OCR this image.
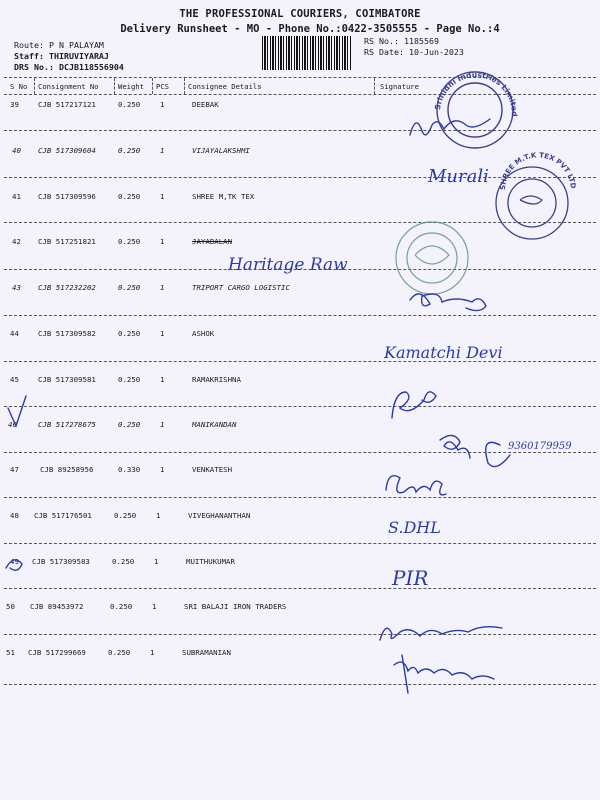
THE PROFESSIONAL COURIERS, COIMBATORE
Delivery Runsheet - MO - Phone No.:0422-3505555 - Page No.:4
Route: P N PALAYAM
Staff: THIRUVIYARAJ
DRS No.: DCJB118556904
RS No.: 1185569
RS Date: 10-Jun-2023
S No Consignment No	Weight PCS	Consignee Details	Signature
39	CJB 517217121	0.250	1	DEEBAK
40 CJB 517309604	0.250	1	VIJAYALAKSHMI
41 CJB 517309596	0.250	1	SHREE M,TK TEX
42 CJB 517251821	0.250	1	JAYABALAN
43 CJB 517232202	0.250	1	TRIPORT CARGO LOGISTIC
44	CJB 517309582	0.250	1	ASHOK
45	CJB 517309581	0.250	1	RAMAKRISHNA
46	CJB 517278675	0.250	1	MANIKANDAN
47	CJB 89258956	0.330	1	VENKATESH
48 CJB 517176501	0.250	1	VIVEGHANANTHAN
49 CJB 517309583	0.250	1	MUITHUKUMAR
50 CJB 89453972	0.250	1	SRI BALAJI IRON TRADERS
51 CJB 517299669	0.250	1	SUBRAMANIAN
Srinidhi Industries Limited
SHREE M.T.K TEX PVT LTD
Murali
Haritage Raw
Kamatchi Devi
9360179959
S.DHL
PIR
